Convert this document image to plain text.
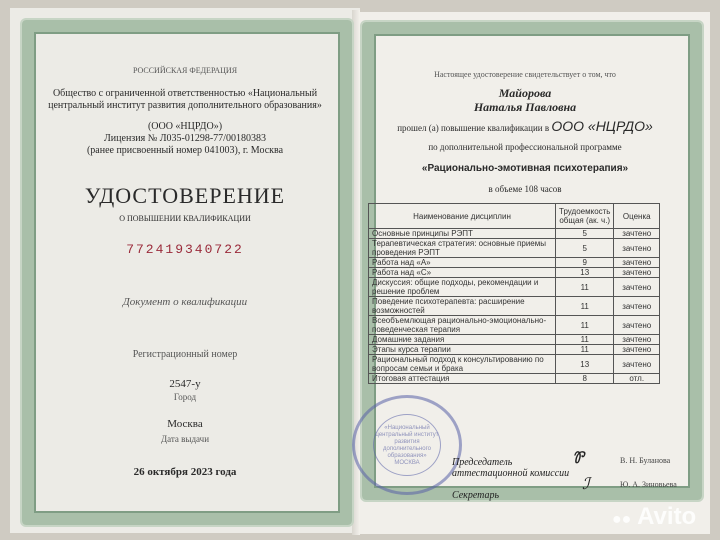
РОССИЙСКАЯ ФЕДЕРАЦИЯ
Общество с ограниченной ответственностью «Национальный
центральный институт развития дополнительного образования»
(ООО «НЦРДО»)
Лицензия № Л035-01298-77/00180383
(ранее присвоенный номер 041003), г. Москва
УДОСТОВЕРЕНИЕ
О ПОВЫШЕНИИ КВАЛИФИКАЦИИ
772419340722
Документ о квалификации
Регистрационный номер
2547-у
Город
Москва
Дата выдачи
26 октября 2023 года
Настоящее удостоверение свидетельствует о том, что
Майорова
Наталья Павловна
прошел (а) повышение квалификации в ООО «НЦРДО»
по дополнительной профессиональной программе
«Рационально-эмотивная психотерапия»
в объеме 108 часов
Наименование дисциплин	Трудоемкость общая (ак. ч.)	Оценка
Основные принципы РЭПТ	5	зачтено
Терапевтическая стратегия: основные приемы проведения РЭПТ	5	зачтено
Работа над «А»	9	зачтено
Работа над «С»	13	зачтено
Дискуссия: общие подходы, рекомендации и решение проблем	11	зачтено
Поведение психотерапевта: расширение возможностей	11	зачтено
Всеобъемлющая рационально-эмоционально-поведенческая терапия	11	зачтено
Домашние задания	11	зачтено
Этапы курса терапии	11	зачтено
Рациональный подход к консультированию по вопросам семьи и брака	13	зачтено
Итоговая аттестация	8	отл.
«Национальный центральный институт развития дополнительного образования»
МОСКВА	Председатель
аттестационной комиссии
Ꮘ	В. Н. Буланова
Секретарь
ℐ	Ю. А. Зиновьева
●● Avito
